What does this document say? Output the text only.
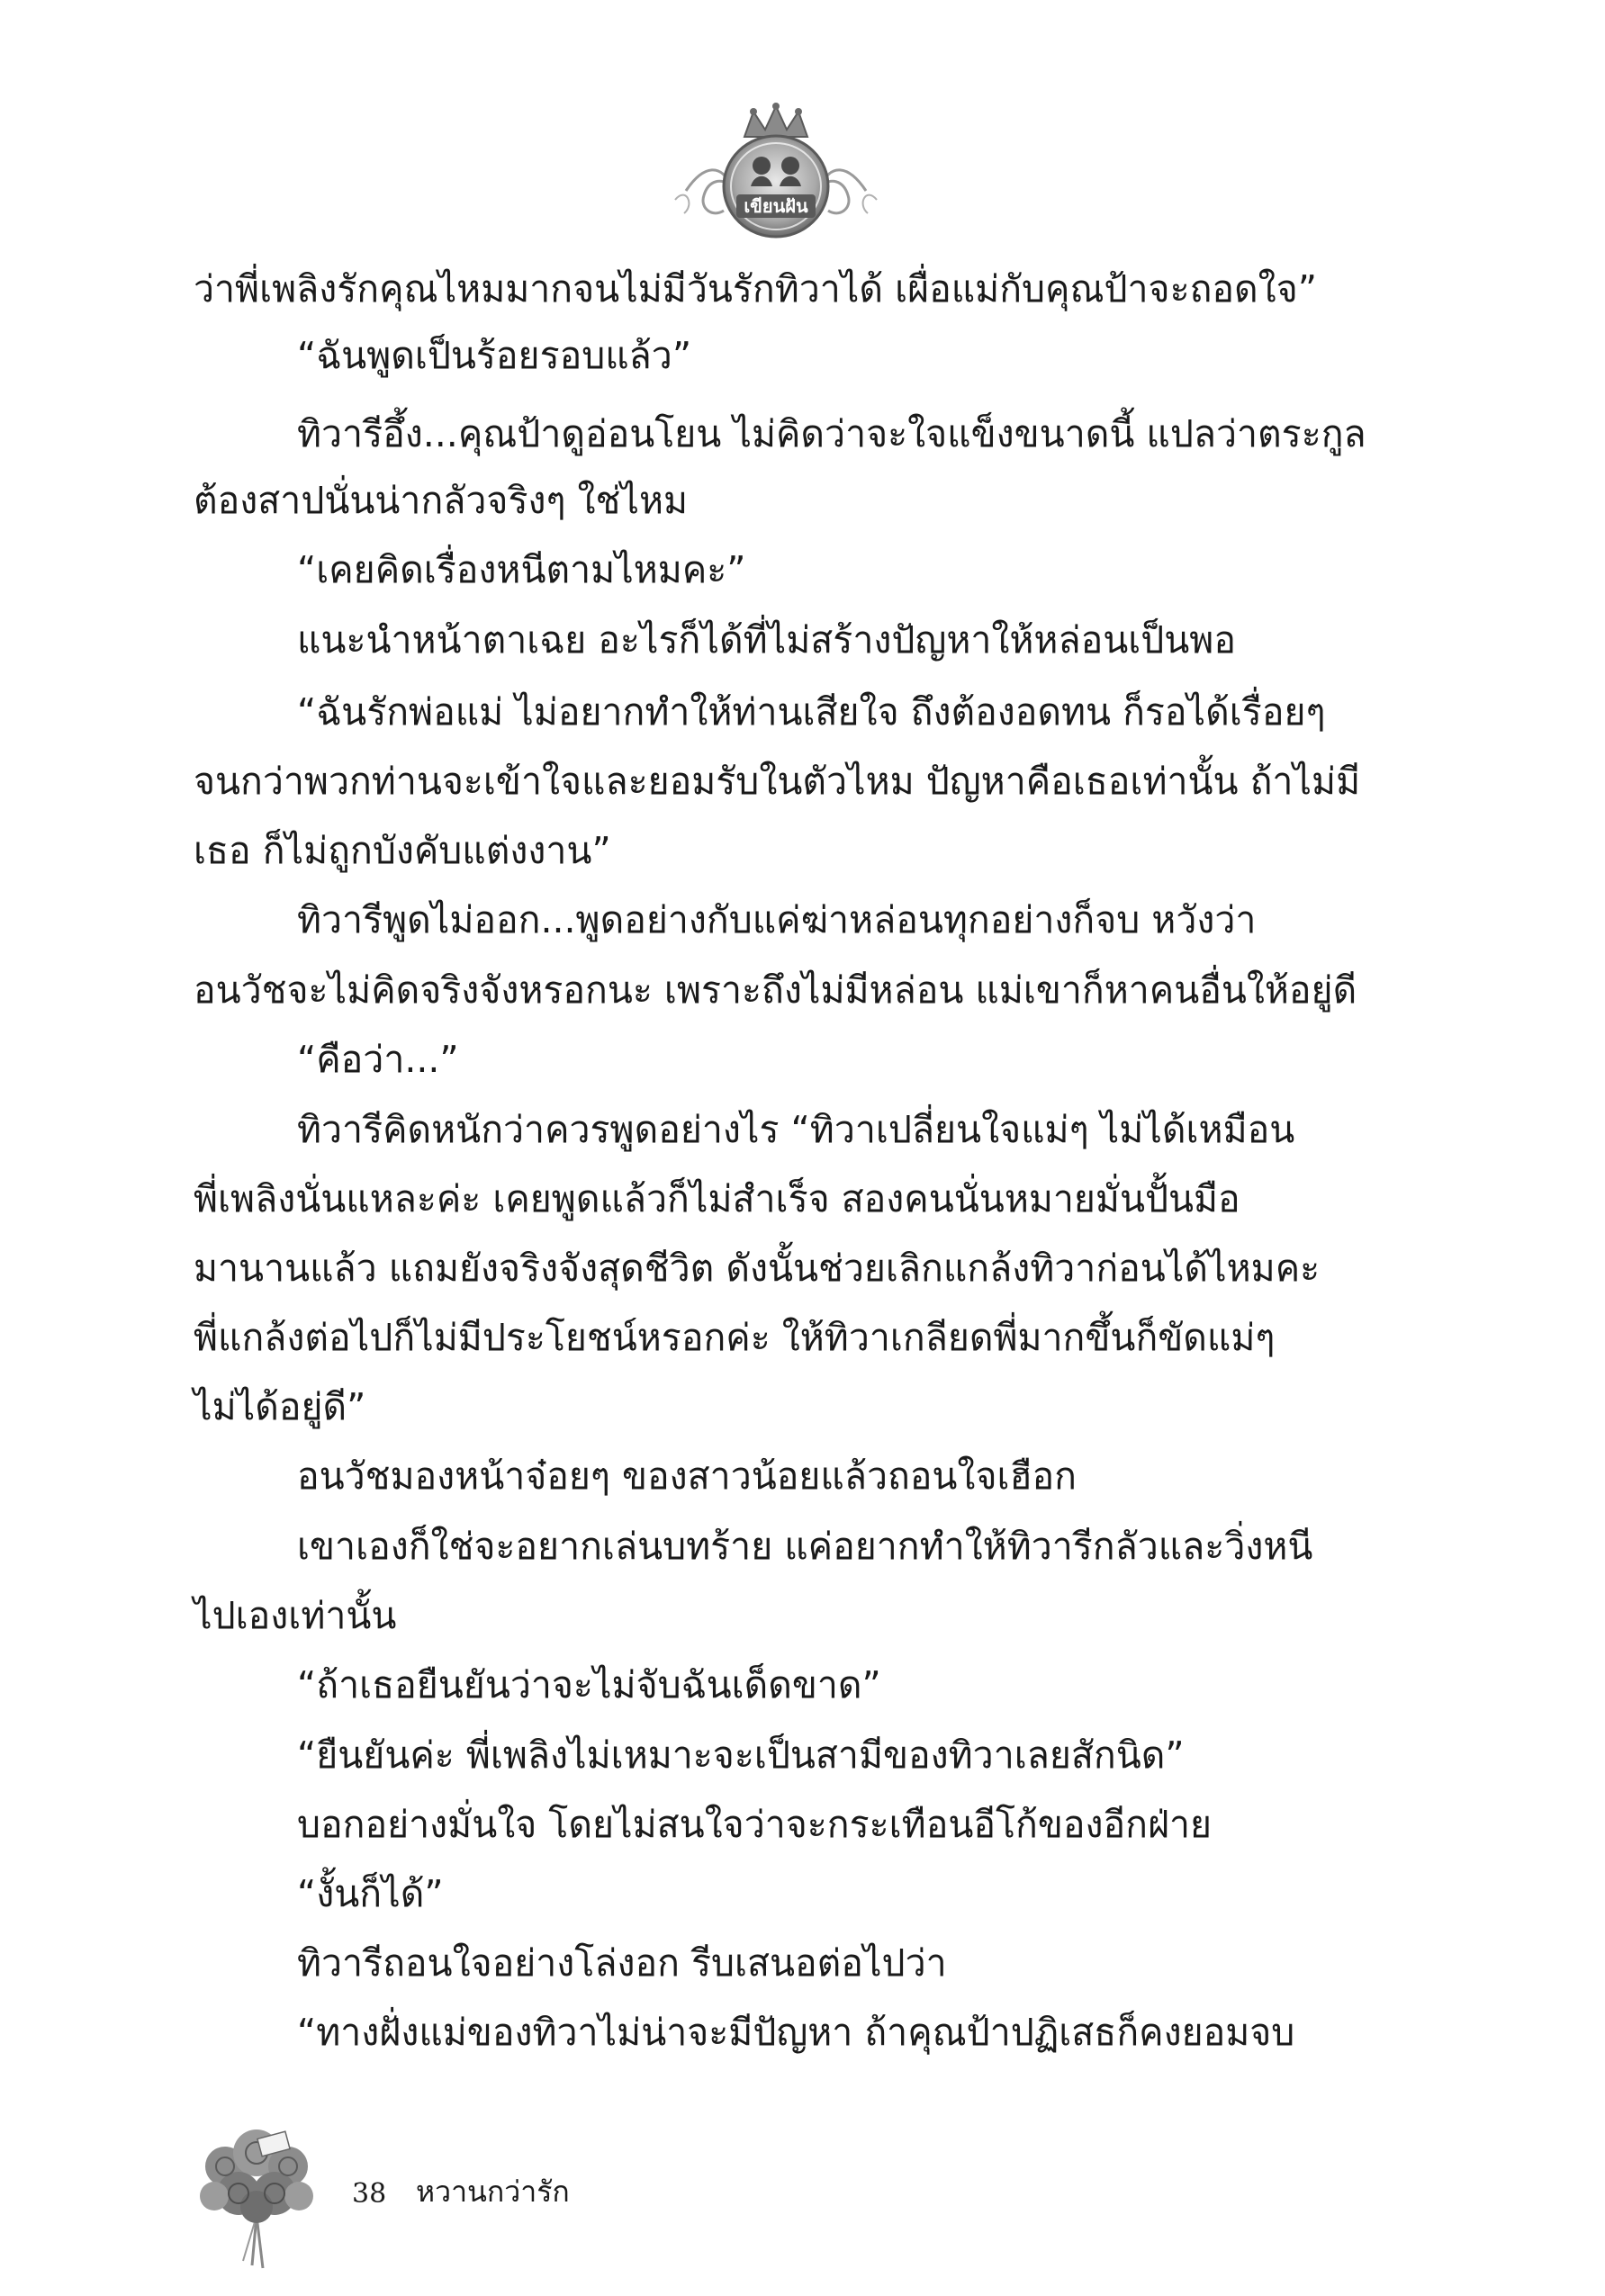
เขียนฝัน
ว่าพี่เพลิงรักคุณไหมมากจนไม่มีวันรักทิวาได้ เผื่อแม่กับคุณป้าจะถอดใจ”
“ฉันพูดเป็นร้อยรอบแล้ว”
ทิวารีอึ้ง...คุณป้าดูอ่อนโยน ไม่คิดว่าจะใจแข็งขนาดนี้ แปลว่าตระกูล
ต้องสาปนั่นน่ากลัวจริงๆ ใช่ไหม
“เคยคิดเรื่องหนีตามไหมคะ”
แนะนำหน้าตาเฉย อะไรก็ได้ที่ไม่สร้างปัญหาให้หล่อนเป็นพอ
“ฉันรักพ่อแม่ ไม่อยากทำให้ท่านเสียใจ ถึงต้องอดทน ก็รอได้เรื่อยๆ
จนกว่าพวกท่านจะเข้าใจและยอมรับในตัวไหม ปัญหาคือเธอเท่านั้น ถ้าไม่มี
เธอ ก็ไม่ถูกบังคับแต่งงาน”
ทิวารีพูดไม่ออก...พูดอย่างกับแค่ฆ่าหล่อนทุกอย่างก็จบ หวังว่า
อนวัชจะไม่คิดจริงจังหรอกนะ เพราะถึงไม่มีหล่อน แม่เขาก็หาคนอื่นให้อยู่ดี
“คือว่า...”
ทิวารีคิดหนักว่าควรพูดอย่างไร “ทิวาเปลี่ยนใจแม่ๆ ไม่ได้เหมือน
พี่เพลิงนั่นแหละค่ะ เคยพูดแล้วก็ไม่สำเร็จ สองคนนั่นหมายมั่นปั้นมือ
มานานแล้ว แถมยังจริงจังสุดชีวิต ดังนั้นช่วยเลิกแกล้งทิวาก่อนได้ไหมคะ
พี่แกล้งต่อไปก็ไม่มีประโยชน์หรอกค่ะ ให้ทิวาเกลียดพี่มากขึ้นก็ขัดแม่ๆ
ไม่ได้อยู่ดี”
อนวัชมองหน้าจ๋อยๆ ของสาวน้อยแล้วถอนใจเฮือก
เขาเองก็ใช่จะอยากเล่นบทร้าย แค่อยากทำให้ทิวารีกลัวและวิ่งหนี
ไปเองเท่านั้น
“ถ้าเธอยืนยันว่าจะไม่จับฉันเด็ดขาด”
“ยืนยันค่ะ พี่เพลิงไม่เหมาะจะเป็นสามีของทิวาเลยสักนิด”
บอกอย่างมั่นใจ โดยไม่สนใจว่าจะกระเทือนอีโก้ของอีกฝ่าย
“งั้นก็ได้”
ทิวารีถอนใจอย่างโล่งอก รีบเสนอต่อไปว่า
“ทางฝั่งแม่ของทิวาไม่น่าจะมีปัญหา ถ้าคุณป้าปฏิเสธก็คงยอมจบ
38 หวานกว่ารัก
